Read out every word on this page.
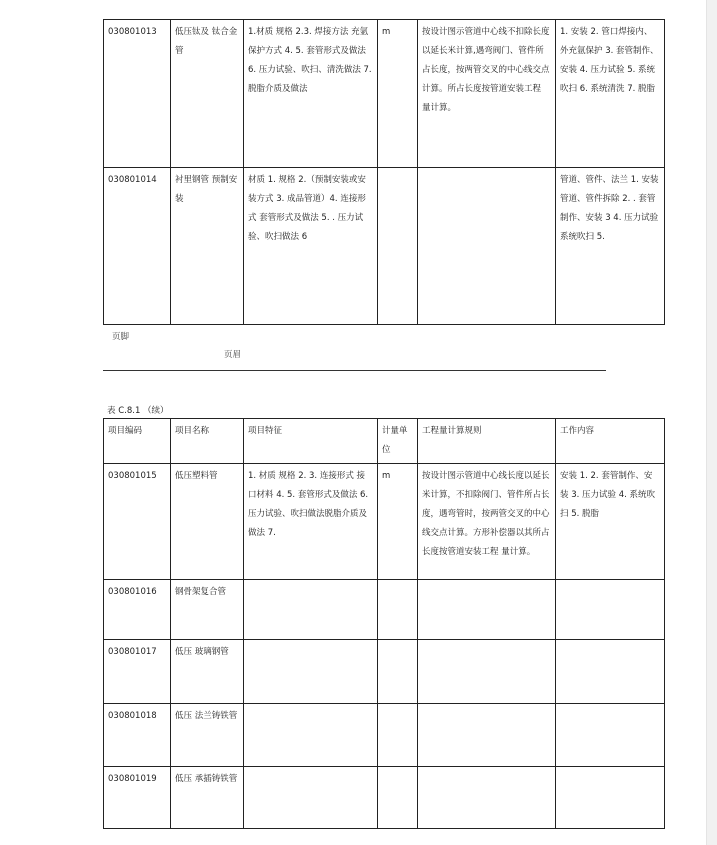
030801013	低压钛及 钛合金管	1.材质 规格 2.3. 焊接方法 充氩保护方式 4. 5. 套管形式及做法 6. 压力试验、吹扫、清洗做法 7. 脱脂介质及做法	m	按设计图示管道中心线不扣除长度以延长米计算,遇弯阀门、管件所占长度，按两管交叉的中心线交点计算。所占长度按管道安装工程 量计算。	1. 安装 2. 管口焊接内、外充氩保护 3. 套管制作、安装 4. 压力试验 5. 系统吹扫 6. 系统清洗 7. 脱脂
030801014	衬里钢管 预制安装	材质 1. 规格 2.（预制安装或安装方式 3. 成品管道）4. 连接形式 套管形式及做法 5. . 压力试验、吹扫做法 6			管道、管件、法兰 1. 安装 管道、管件拆除 2. . 套管制作、安装 3 4. 压力试验 系统吹扫 5.
页脚
页眉
表 C.8.1 （续）
项目编码	项目名称	项目特征	计量单位	工程量计算规则	工作内容
030801015	低压塑料管	1. 材质 规格 2. 3. 连接形式 接口材料 4. 5. 套管形式及做法 6. 压力试验、吹扫做法脱脂介质及做法 7.	m	按设计图示管道中心线长度以延长米计算，不扣除阀门、管件所占长度，遇弯管时，按两管交叉的中心线交点计算。方形补偿器以其所占长度按管道安装工程 量计算。	安装 1. 2. 套管制作、安装 3. 压力试验 4. 系统吹扫 5. 脱脂
030801016	钢骨架复合管				
030801017	低压 玻璃钢管				
030801018	低压 法兰铸铁管				
030801019	低压 承插铸铁管				
